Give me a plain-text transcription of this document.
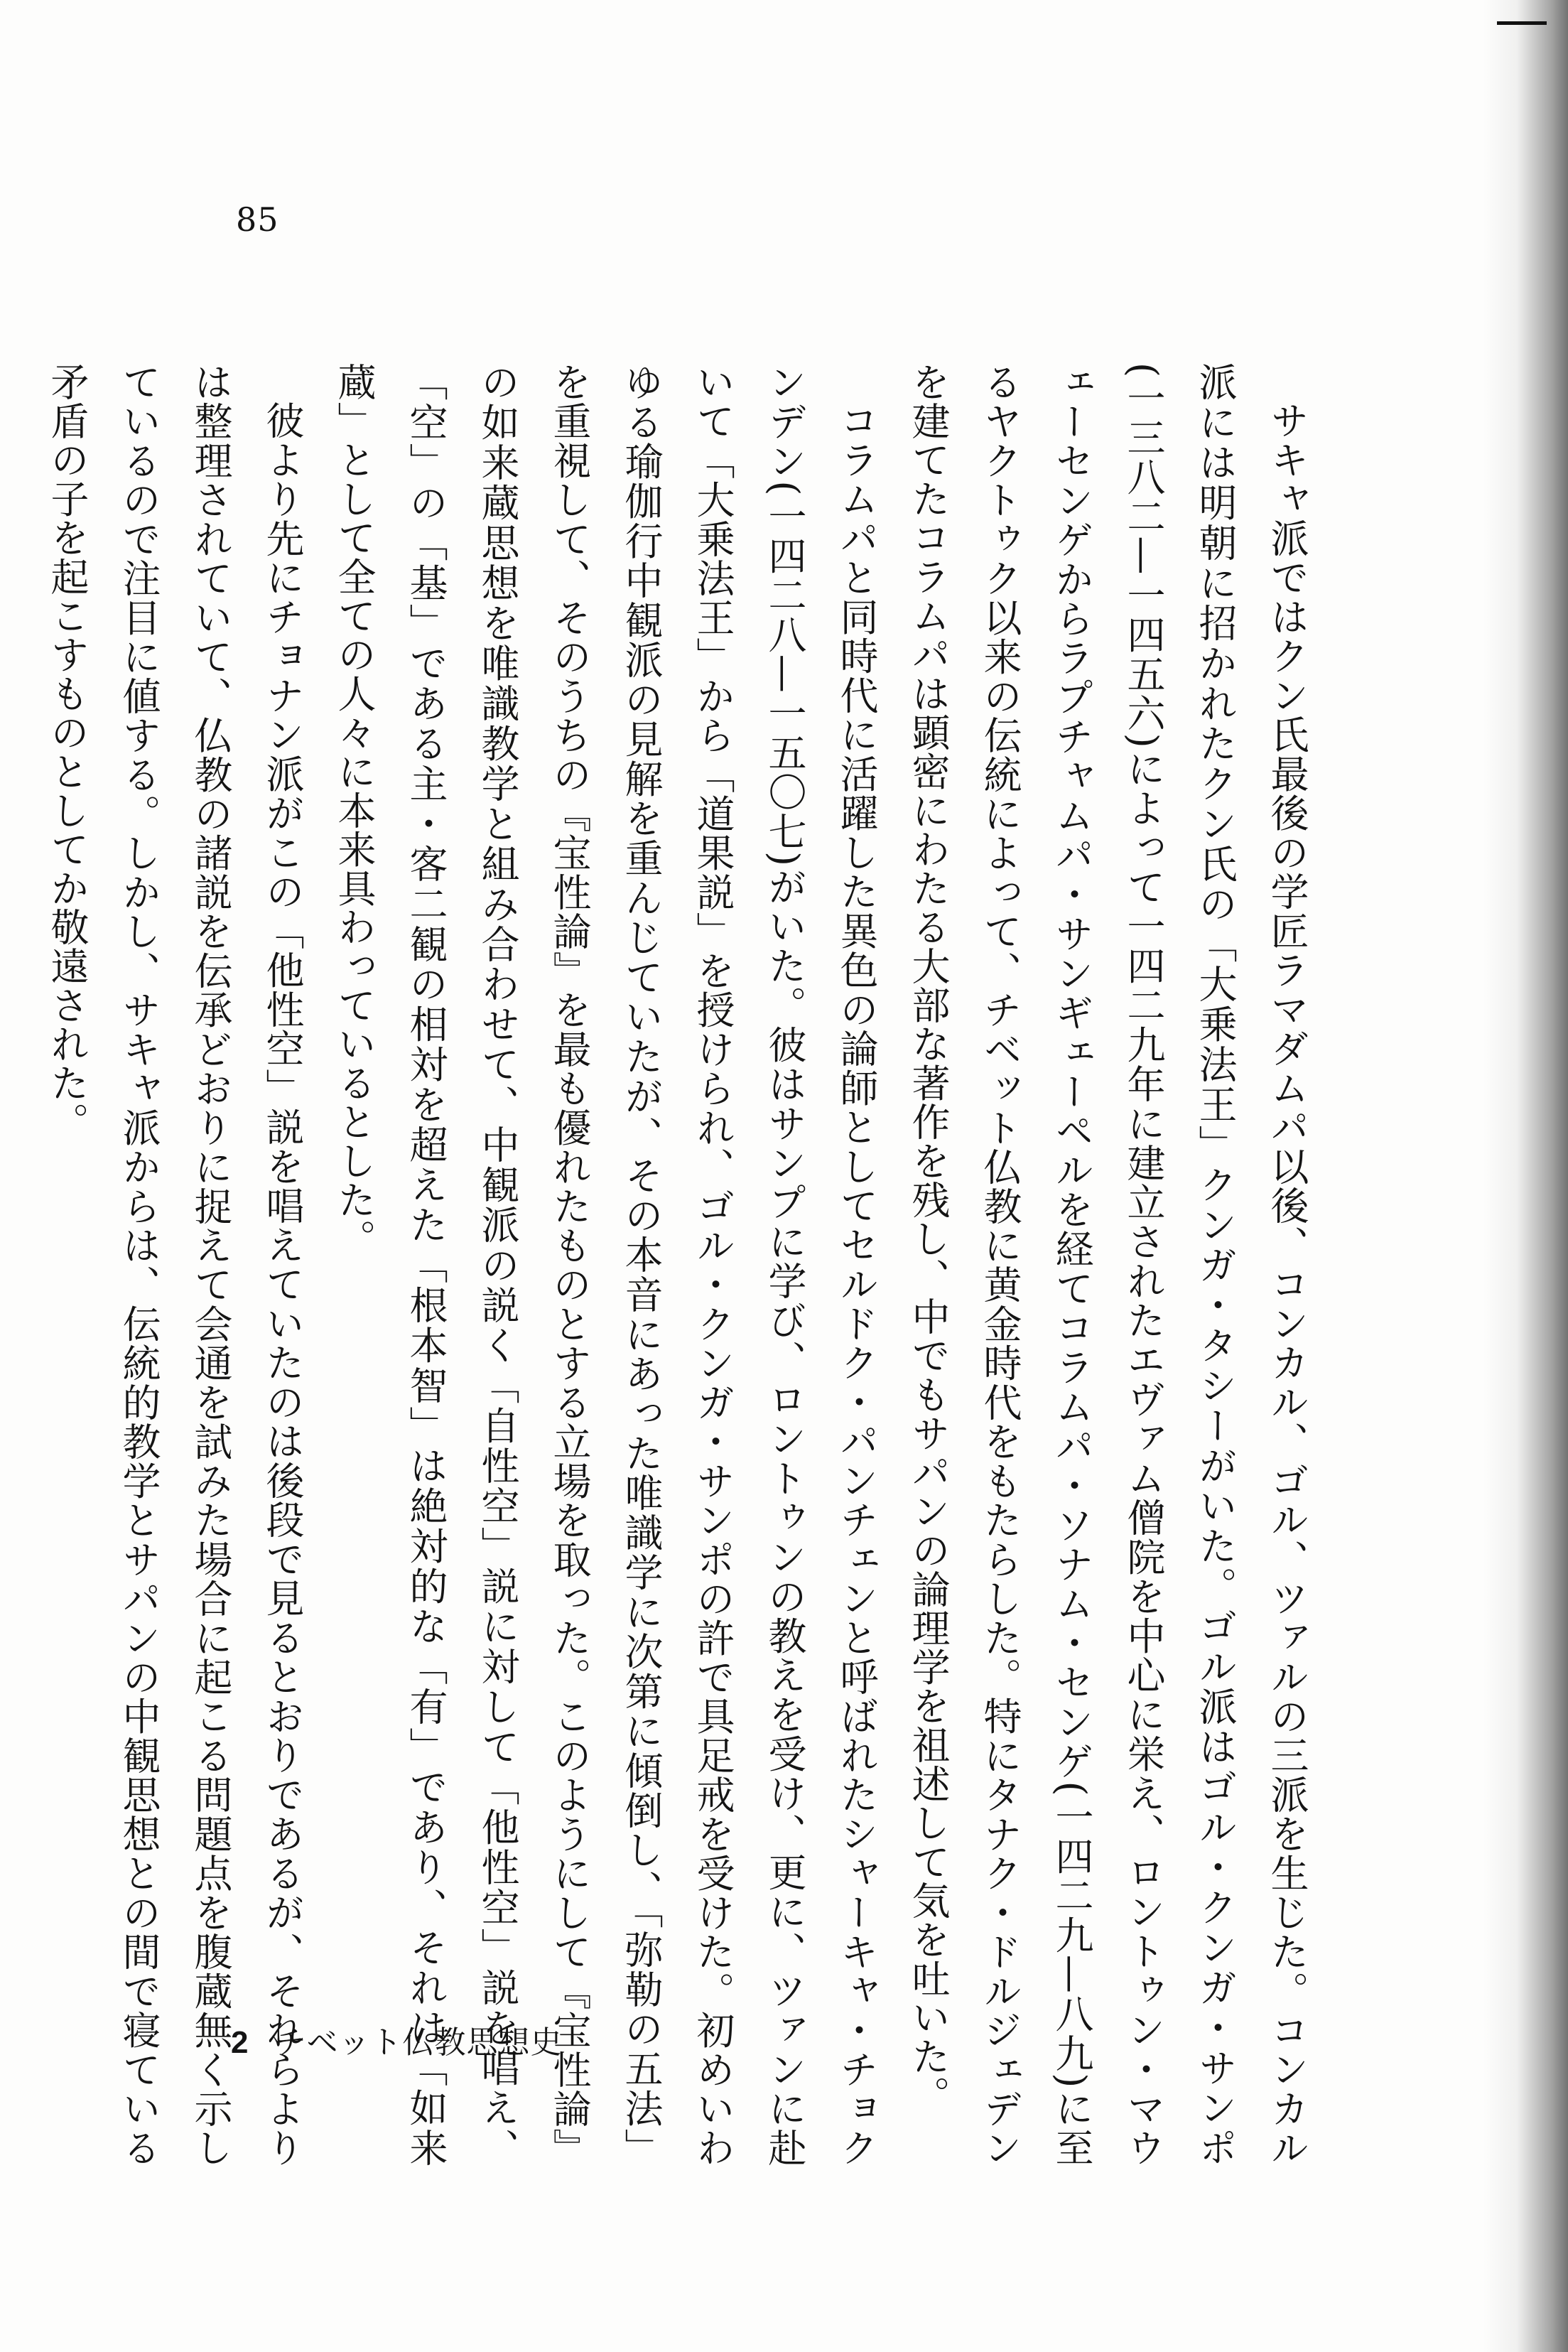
85

サキャ派ではクン氏最後の学匠ラマダムパ以後、コンカル、ゴル、ツァルの三派を生じた。コンカル派には明朝に招かれたクン氏の「大乗法王」クンガ・タシーがいた。ゴル派はゴル・クンガ・サンポ(一三八二—一四五六)によって一四二九年に建立されたエヴァム僧院を中心に栄え、ロントゥン・マウェーセンゲからラプチャムパ・サンギェーペルを経てコラムパ・ソナム・センゲ(一四二九—八九)に至るヤクトゥク以来の伝統によって、チベット仏教に黄金時代をもたらした。特にタナク・ドルジェデンを建てたコラムパは顕密にわたる大部な著作を残し、中でもサパンの論理学を祖述して気を吐いた。

コラムパと同時代に活躍した異色の論師としてセルドク・パンチェンと呼ばれたシャーキャ・チョクンデン(一四二八—一五〇七)がいた。彼はサンプに学び、ロントゥンの教えを受け、更に、ツァンに赴いて「大乗法王」から「道果説」を授けられ、ゴル・クンガ・サンポの許で具足戒を受けた。初めいわゆる瑜伽行中観派の見解を重んじていたが、その本音にあった唯識学に次第に傾倒し、「弥勒の五法」を重視して、そのうちの『宝性論』を最も優れたものとする立場を取った。このようにして『宝性論』の如来蔵思想を唯識教学と組み合わせて、中観派の説く「自性空」説に対して「他性空」説を唱え、「空」の「基」である主・客二観の相対を超えた「根本智」は絶対的な「有」であり、それは「如来蔵」として全ての人々に本来具わっているとした。

彼より先にチョナン派がこの「他性空」説を唱えていたのは後段で見るとおりであるが、それらよりは整理されていて、仏教の諸説を伝承どおりに捉えて会通を試みた場合に起こる問題点を腹蔵無く示しているので注目に値する。しかし、サキャ派からは、伝統的教学とサパンの中観思想との間で寝ている矛盾の子を起こすものとしてか敬遠された。

2 チベット仏教思想史
